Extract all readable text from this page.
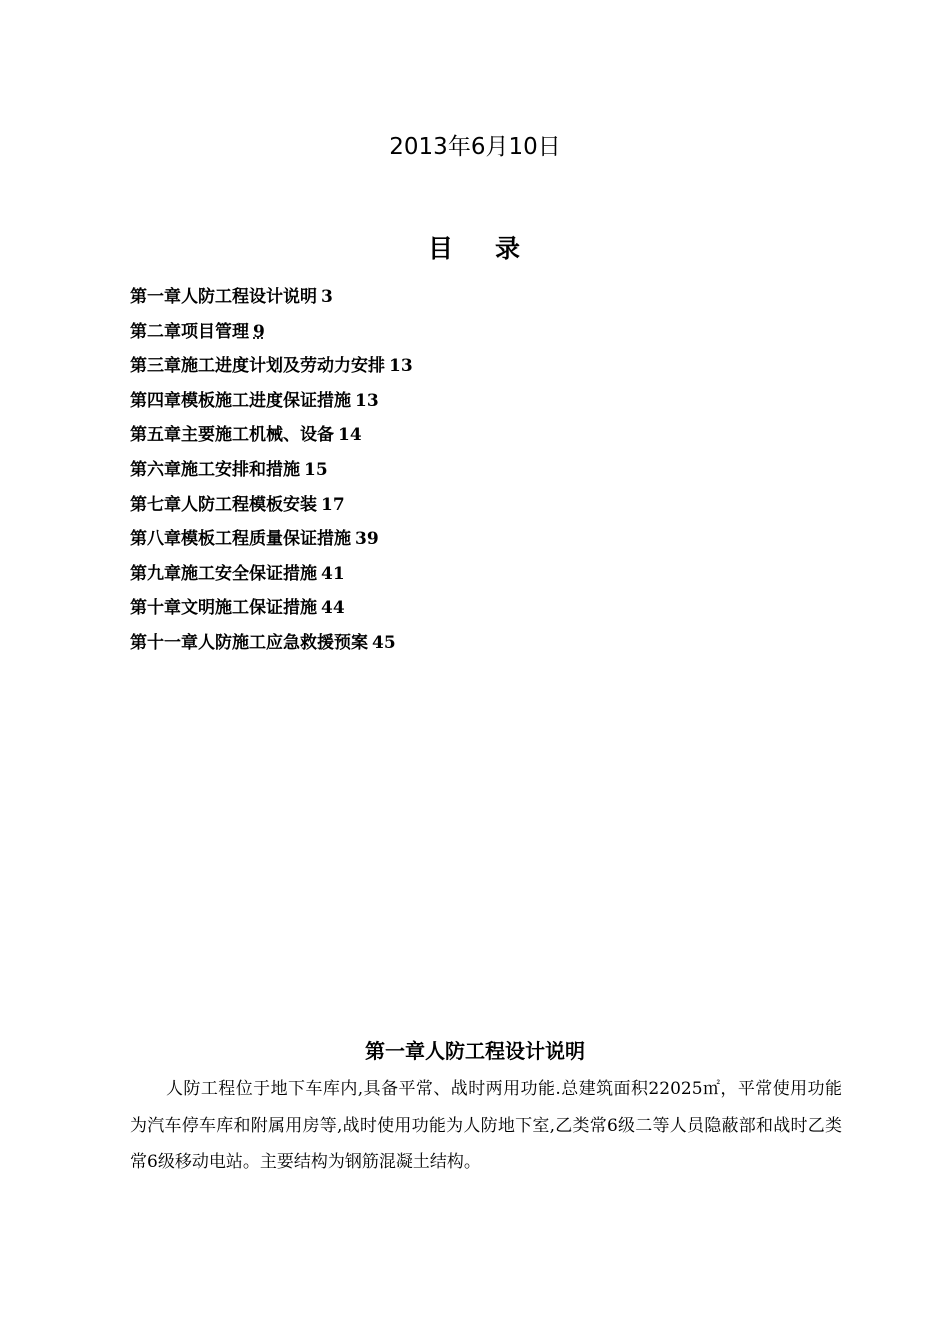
2013年6月10日
目 录
第一章人防工程设计说明 3
第二章项目管理 9
第三章施工进度计划及劳动力安排 13
第四章模板施工进度保证措施 13
第五章主要施工机械、设备 14
第六章施工安排和措施 15
第七章人防工程模板安装 17
第八章模板工程质量保证措施 39
第九章施工安全保证措施 41
第十章文明施工保证措施 44
第十一章人防施工应急救援预案 45
第一章人防工程设计说明

人防工程位于地下车库内,具备平常、战时两用功能.总建筑面积22025㎡，平常使用功能为汽车停车库和附属用房等,战时使用功能为人防地下室,乙类常6级二等人员隐蔽部和战时乙类常6级移动电站。主要结构为钢筋混凝土结构。
